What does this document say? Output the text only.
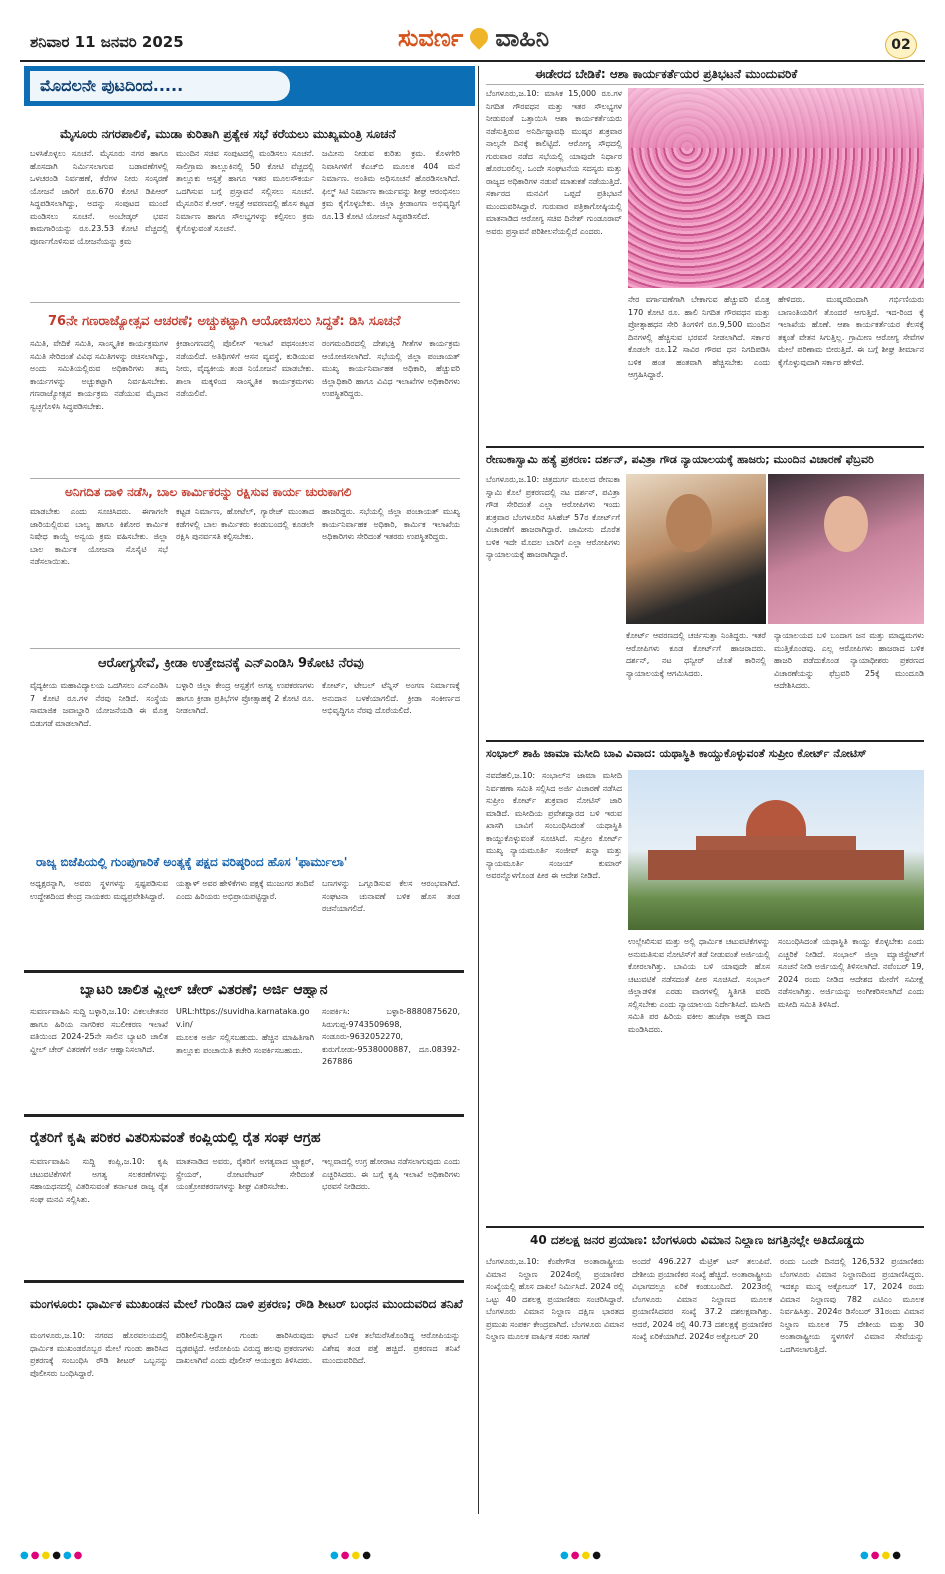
ಶನಿವಾರ 11 ಜನವರಿ 2025	ಸುವರ್ಣ ವಾಹಿನಿ	02
ಮೊದಲನೇ ಪುಟದಿಂದ.....
ಮೈಸೂರು ನಗರಪಾಲಿಕೆ, ಮುಡಾ ಕುರಿತಾಗಿ ಪ್ರತ್ಯೇಕ ಸಭೆ ಕರೆಯಲು ಮುಖ್ಯಮಂತ್ರಿ ಸೂಚನೆ
ಬಳಸಿಕೊಳ್ಳಲು ಸೂಚನೆ. ಮೈಸೂರು ನಗರ ಹಾಗೂ ಹೊಸದಾಗಿ ನಿರ್ಮಿಸಲಾಗುವ ಬಡಾವಣೆಗಳಲ್ಲಿ ಒಳಚರಂಡಿ ನಿರ್ವಹಣೆ, ಕೆರೆಗಳ ನೀರು ಸಂಸ್ಕರಣೆ ಯೋಜನೆ ಜಾರಿಗೆ ರೂ.670 ಕೋಟಿ ಡಿಪಿಆರ್ ಸಿದ್ಧಪಡಿಸಲಾಗಿದ್ದು, ಅದನ್ನು ಸಂಪುಟದ ಮುಂದೆ ಮಂಡಿಸಲು ಸೂಚನೆ. ಅಂಬೇಡ್ಕರ್ ಭವನ ಕಾಮಗಾರಿಯನ್ನು ರೂ.23.53 ಕೋಟಿ ವೆಚ್ಚದಲ್ಲಿ ಪೂರ್ಣಗೊಳಿಸುವ ಯೋಜನೆಯನ್ನು ಕ್ರಮ
ಮುಂದಿನ ಸಚಿವ ಸಂಪುಟದಲ್ಲಿ ಮಂಡಿಸಲು ಸೂಚನೆ. ಸಾಲಿಗ್ರಾಮ ತಾಲ್ಲೂಕಿನಲ್ಲಿ 50 ಕೋಟಿ ವೆಚ್ಚದಲ್ಲಿ ತಾಲ್ಲೂಕು ಆಸ್ಪತ್ರೆ ಹಾಗೂ ಇತರ ಮೂಲಸೌಕರ್ಯ ಒದಗಿಸುವ ಬಗ್ಗೆ ಪ್ರಸ್ತಾವನೆ ಸಲ್ಲಿಸಲು ಸೂಚನೆ. ಮೈಸೂರಿನ ಕೆ.ಆರ್. ಆಸ್ಪತ್ರೆ ಆವರಣದಲ್ಲಿ ಹೊಸ ಕಟ್ಟಡ ನಿರ್ಮಾಣ ಹಾಗೂ ಸೌಲಭ್ಯಗಳನ್ನು ಕಲ್ಪಿಸಲು ಕ್ರಮ ಕೈಗೊಳ್ಳುವಂತೆ ಸೂಚನೆ.
ಜಮೀನು ನೀಡುವ ಕುರಿತು ಕ್ರಮ. ಕೊಳಗೇರಿ ನಿವಾಸಿಗಳಿಗೆ ಕೆಎಚ್‌ಬಿ ಮೂಲಕ 404 ಮನೆ ನಿರ್ಮಾಣ. ಅಂತಿಮ ಅಧಿಸೂಚನೆ ಹೊರಡಿಸಲಾಗಿದೆ. ಫಿಲ್ಮ್ ಸಿಟಿ ನಿರ್ಮಾಣ ಕಾರ್ಯವನ್ನು ಶೀಘ್ರ ಆರಂಭಿಸಲು ಕ್ರಮ ಕೈಗೊಳ್ಳಬೇಕು. ಜಿಲ್ಲಾ ಕ್ರೀಡಾಂಗಣ ಅಭಿವೃದ್ಧಿಗೆ ರೂ.13 ಕೋಟಿ ಯೋಜನೆ ಸಿದ್ಧಪಡಿಸಲಿದೆ.
76ನೇ ಗಣರಾಜ್ಯೋತ್ಸವ ಆಚರಣೆ; ಅಚ್ಚುಕಟ್ಟಾಗಿ ಆಯೋಜಿಸಲು ಸಿದ್ಧತೆ: ಡಿಸಿ ಸೂಚನೆ
ಸಮಿತಿ, ವೇದಿಕೆ ಸಮಿತಿ, ಸಾಂಸ್ಕೃತಿಕ ಕಾರ್ಯಕ್ರಮಗಳ ಸಮಿತಿ ಸೇರಿದಂತೆ ವಿವಿಧ ಸಮಿತಿಗಳನ್ನು ರಚಿಸಲಾಗಿದ್ದು, ಅಂದು ಸಮಿತಿಯಲ್ಲಿರುವ ಅಧಿಕಾರಿಗಳು ತಮ್ಮ ಕಾರ್ಯಗಳನ್ನು ಅಚ್ಚುಕಟ್ಟಾಗಿ ನಿರ್ವಹಿಸಬೇಕು. ಗಣರಾಜ್ಯೋತ್ಸವ ಕಾರ್ಯಕ್ರಮ ನಡೆಯುವ ಮೈದಾನ ಸ್ವಚ್ಛಗೊಳಿಸಿ ಸಿದ್ಧಪಡಿಸಬೇಕು.
ಕ್ರೀಡಾಂಗಣದಲ್ಲಿ ಪೊಲೀಸ್ ಇಲಾಖೆ ಪಥಸಂಚಲನ ನಡೆಯಲಿದೆ. ಅತಿಥಿಗಳಿಗೆ ಆಸನ ವ್ಯವಸ್ಥೆ, ಕುಡಿಯುವ ನೀರು, ವೈದ್ಯಕೀಯ ತಂಡ ನಿಯೋಜನೆ ಮಾಡಬೇಕು. ಶಾಲಾ ಮಕ್ಕಳಿಂದ ಸಾಂಸ್ಕೃತಿಕ ಕಾರ್ಯಕ್ರಮಗಳು ನಡೆಯಲಿವೆ.
ರಂಗಮಂದಿರದಲ್ಲಿ ದೇಶಭಕ್ತಿ ಗೀತೆಗಳ ಕಾರ್ಯಕ್ರಮ ಆಯೋಜಿಸಲಾಗಿದೆ. ಸಭೆಯಲ್ಲಿ ಜಿಲ್ಲಾ ಪಂಚಾಯತ್ ಮುಖ್ಯ ಕಾರ್ಯನಿರ್ವಾಹಕ ಅಧಿಕಾರಿ, ಹೆಚ್ಚುವರಿ ಜಿಲ್ಲಾಧಿಕಾರಿ ಹಾಗೂ ವಿವಿಧ ಇಲಾಖೆಗಳ ಅಧಿಕಾರಿಗಳು ಉಪಸ್ಥಿತರಿದ್ದರು.
ಅನಿಗದಿತ ದಾಳಿ ನಡೆಸಿ, ಬಾಲ ಕಾರ್ಮಿಕರನ್ನು ರಕ್ಷಿಸುವ ಕಾರ್ಯ ಚುರುಕಾಗಲಿ
ಮಾಡಬೇಕು ಎಂದು ಸೂಚಿಸಿದರು. ಈಗಾಗಲೇ ಜಾರಿಯಲ್ಲಿರುವ ಬಾಲ್ಯ ಹಾಗೂ ಕಿಶೋರ ಕಾರ್ಮಿಕ ನಿಷೇಧ ಕಾಯ್ದೆ ಅನ್ವಯ ಕ್ರಮ ವಹಿಸಬೇಕು. ಜಿಲ್ಲಾ ಬಾಲ ಕಾರ್ಮಿಕ ಯೋಜನಾ ಸೊಸೈಟಿ ಸಭೆ ನಡೆಸಲಾಯಿತು.
ಕಟ್ಟಡ ನಿರ್ಮಾಣ, ಹೋಟೆಲ್, ಗ್ಯಾರೇಜ್ ಮುಂತಾದ ಕಡೆಗಳಲ್ಲಿ ಬಾಲ ಕಾರ್ಮಿಕರು ಕಂಡುಬಂದಲ್ಲಿ ಕೂಡಲೇ ರಕ್ಷಿಸಿ ಪುನರ್ವಸತಿ ಕಲ್ಪಿಸಬೇಕು.
ಹಾಜರಿದ್ದರು. ಸಭೆಯಲ್ಲಿ ಜಿಲ್ಲಾ ಪಂಚಾಯತ್ ಮುಖ್ಯ ಕಾರ್ಯನಿರ್ವಾಹಕ ಅಧಿಕಾರಿ, ಕಾರ್ಮಿಕ ಇಲಾಖೆಯ ಅಧಿಕಾರಿಗಳು ಸೇರಿದಂತೆ ಇತರರು ಉಪಸ್ಥಿತರಿದ್ದರು.
ಆರೋಗ್ಯಸೇವೆ, ಕ್ರೀಡಾ ಉತ್ತೇಜನಕ್ಕೆ ಎನ್‌ಎಂಡಿಸಿ 9ಕೋಟಿ ನೆರವು
ವೈದ್ಯಕೀಯ ಮಹಾವಿದ್ಯಾಲಯ ಒದಗಿಸಲು ಎನ್‌ಎಂಡಿಸಿ 7 ಕೋಟಿ ರೂ.ಗಳ ನೆರವು ನೀಡಿದೆ. ಸಂಸ್ಥೆಯ ಸಾಮಾಜಿಕ ಜವಾಬ್ದಾರಿ ಯೋಜನೆಯಡಿ ಈ ಮೊತ್ತ ಬಿಡುಗಡೆ ಮಾಡಲಾಗಿದೆ.
ಬಳ್ಳಾರಿ ಜಿಲ್ಲಾ ಕೇಂದ್ರ ಆಸ್ಪತ್ರೆಗೆ ಅಗತ್ಯ ಉಪಕರಣಗಳು ಹಾಗೂ ಕ್ರೀಡಾ ಪ್ರತಿಭೆಗಳ ಪ್ರೋತ್ಸಾಹಕ್ಕೆ 2 ಕೋಟಿ ರೂ. ನೀಡಲಾಗಿದೆ.
ಕೋರ್ಟ್, ಟೇಬಲ್ ಟೆನ್ನಿಸ್ ಅಂಗಣ ನಿರ್ಮಾಣಕ್ಕೆ ಅನುದಾನ ಬಳಕೆಯಾಗಲಿದೆ. ಕ್ರೀಡಾ ಸಂಕೀರ್ಣದ ಅಭಿವೃದ್ಧಿಗೂ ನೆರವು ದೊರೆಯಲಿದೆ.
ರಾಜ್ಯ ಬಿಜೆಪಿಯಲ್ಲಿ ಗುಂಪುಗಾರಿಕೆ ಅಂತ್ಯಕ್ಕೆ ಪಕ್ಷದ ವರಿಷ್ಠರಿಂದ ಹೊಸ 'ಫಾರ್ಮುಲಾ'
ಅಧ್ಯಕ್ಷರನ್ನಾಗಿ, ಅವರು ಸ್ಥಳಗಳನ್ನು ಸ್ಪಷ್ಟಪಡಿಸುವ ಉದ್ದೇಶದಿಂದ ಕೇಂದ್ರ ನಾಯಕರು ಮಧ್ಯಪ್ರವೇಶಿಸಿದ್ದಾರೆ.
ಯತ್ನಾಳ್ ಅವರ ಹೇಳಿಕೆಗಳು ಪಕ್ಷಕ್ಕೆ ಮುಜುಗರ ತಂದಿವೆ ಎಂದು ಹಿರಿಯರು ಅಭಿಪ್ರಾಯಪಟ್ಟಿದ್ದಾರೆ.
ಬಣಗಳನ್ನು ಒಗ್ಗೂಡಿಸುವ ಕೆಲಸ ಆರಂಭವಾಗಿದೆ. ಸಂಘಟನಾ ಚುನಾವಣೆ ಬಳಿಕ ಹೊಸ ತಂಡ ರಚನೆಯಾಗಲಿದೆ.
ಬ್ಯಾಟರಿ ಚಾಲಿತ ವ್ಹೀಲ್ ಚೇರ್ ವಿತರಣೆ; ಅರ್ಜಿ ಆಹ್ವಾನ
ಸುವರ್ಣವಾಹಿನಿ ಸುದ್ದಿ ಬಳ್ಳಾರಿ,ಜ.10: ವಿಕಲಚೇತನರ ಹಾಗೂ ಹಿರಿಯ ನಾಗರಿಕರ ಸಬಲೀಕರಣ ಇಲಾಖೆ ವತಿಯಿಂದ 2024-25ನೇ ಸಾಲಿನ ಬ್ಯಾಟರಿ ಚಾಲಿತ ವ್ಹೀಲ್ ಚೇರ್ ವಿತರಣೆಗೆ ಅರ್ಜಿ ಆಹ್ವಾನಿಸಲಾಗಿದೆ.
URL:https://suvidha.karnataka.gov.in/
ಮೂಲಕ ಅರ್ಜಿ ಸಲ್ಲಿಸಬಹುದು. ಹೆಚ್ಚಿನ ಮಾಹಿತಿಗಾಗಿ ತಾಲ್ಲೂಕು ಪಂಚಾಯಿತಿ ಕಚೇರಿ ಸಂಪರ್ಕಿಸಬಹುದು.
ಸಂಪರ್ಕಿಸಿ: ಬಳ್ಳಾರಿ-8880875620, ಸಿರುಗುಪ್ಪ-9743509698, ಸಂಡೂರು-9632052270, ಕುರುಗೋಡು-9538000887, ದೂ.08392-267886
ರೈತರಿಗೆ ಕೃಷಿ ಪರಿಕರ ವಿತರಿಸುವಂತೆ ಕಂಪ್ಲಿಯಲ್ಲಿ ರೈತ ಸಂಘ ಆಗ್ರಹ
ಸುವರ್ಣವಾಹಿನಿ ಸುದ್ದಿ ಕಂಪ್ಲಿ,ಜ.10: ಕೃಷಿ ಚಟುವಟಿಕೆಗಳಿಗೆ ಅಗತ್ಯ ಸಲಕರಣೆಗಳನ್ನು ಸಹಾಯಧನದಲ್ಲಿ ವಿತರಿಸುವಂತೆ ಕರ್ನಾಟಕ ರಾಜ್ಯ ರೈತ ಸಂಘ ಮನವಿ ಸಲ್ಲಿಸಿತು.
ಮಾತನಾಡಿದ ಅವರು, ರೈತರಿಗೆ ಅಗತ್ಯವಾದ ಟ್ರ್ಯಾಕ್ಟರ್, ಸ್ಪ್ರೇಯರ್, ರೋಟವೇಟರ್ ಸೇರಿದಂತೆ ಯಂತ್ರೋಪಕರಣಗಳನ್ನು ಶೀಘ್ರ ವಿತರಿಸಬೇಕು.
ಇಲ್ಲವಾದಲ್ಲಿ ಉಗ್ರ ಹೋರಾಟ ನಡೆಸಲಾಗುವುದು ಎಂದು ಎಚ್ಚರಿಸಿದರು. ಈ ಬಗ್ಗೆ ಕೃಷಿ ಇಲಾಖೆ ಅಧಿಕಾರಿಗಳು ಭರವಸೆ ನೀಡಿದರು.
ಮಂಗಳೂರು: ಧಾರ್ಮಿಕ ಮುಖಂಡನ ಮೇಲೆ ಗುಂಡಿನ ದಾಳಿ ಪ್ರಕರಣ; ರೌಡಿ ಶೀಟರ್ ಬಂಧನ ಮುಂದುವರಿದ ತನಿಖೆ
ಮಂಗಳೂರು,ಜ.10: ನಗರದ ಹೊರವಲಯದಲ್ಲಿ ಧಾರ್ಮಿಕ ಮುಖಂಡರೊಬ್ಬರ ಮೇಲೆ ಗುಂಡು ಹಾರಿಸಿದ ಪ್ರಕರಣಕ್ಕೆ ಸಂಬಂಧಿಸಿ ರೌಡಿ ಶೀಟರ್ ಒಬ್ಬನನ್ನು ಪೊಲೀಸರು ಬಂಧಿಸಿದ್ದಾರೆ.
ಪರಿಶೀಲಿಸುತ್ತಿದ್ದಾಗ ಗುಂಡು ಹಾರಿಸಿರುವುದು ದೃಢಪಟ್ಟಿದೆ. ಆರೋಪಿಯ ವಿರುದ್ಧ ಹಲವು ಪ್ರಕರಣಗಳು ದಾಖಲಾಗಿವೆ ಎಂದು ಪೊಲೀಸ್ ಆಯುಕ್ತರು ತಿಳಿಸಿದರು.
ಘಟನೆ ಬಳಿಕ ತಲೆಮರೆಸಿಕೊಂಡಿದ್ದ ಆರೋಪಿಯನ್ನು ವಿಶೇಷ ತಂಡ ಪತ್ತೆ ಹಚ್ಚಿದೆ. ಪ್ರಕರಣದ ತನಿಖೆ ಮುಂದುವರಿದಿದೆ.
ಈಡೇರದ ಬೇಡಿಕೆ: ಆಶಾ ಕಾರ್ಯಕರ್ತೆಯರ ಪ್ರತಿಭಟನೆ ಮುಂದುವರಿಕೆ
ಬೆಂಗಳೂರು,ಜ.10: ಮಾಸಿಕ 15,000 ರೂ.ಗಳ ನಿಗದಿತ ಗೌರವಧನ ಮತ್ತು ಇತರ ಸೌಲಭ್ಯಗಳ ನೀಡುವಂತೆ ಒತ್ತಾಯಿಸಿ ಆಶಾ ಕಾರ್ಯಕರ್ತೆಯರು ನಡೆಸುತ್ತಿರುವ ಅನಿರ್ದಿಷ್ಟಾವಧಿ ಮುಷ್ಕರ ಶುಕ್ರವಾರ ನಾಲ್ಕನೇ ದಿನಕ್ಕೆ ಕಾಲಿಟ್ಟಿದೆ. ಆರೋಗ್ಯ ಸೌಧದಲ್ಲಿ ಗುರುವಾರ ನಡೆದ ಸಭೆಯಲ್ಲಿ ಯಾವುದೇ ನಿರ್ಧಾರ ಹೊರಬರಲಿಲ್ಲ. ಒಂದೇ ಸಂಘಟನೆಯ ಸದಸ್ಯರು ಮತ್ತು ರಾಜ್ಯದ ಅಧಿಕಾರಿಗಳ ನಡುವೆ ಮಾತುಕತೆ ನಡೆಯುತ್ತಿದೆ. ಸರ್ಕಾರದ ಮನವಿಗೆ ಒಪ್ಪದೆ ಪ್ರತಿಭಟನೆ ಮುಂದುವರಿಸಿದ್ದಾರೆ. ಗುರುವಾರ ಪತ್ರಿಕಾಗೋಷ್ಠಿಯಲ್ಲಿ ಮಾತನಾಡಿದ ಆರೋಗ್ಯ ಸಚಿವ ದಿನೇಶ್ ಗುಂಡೂರಾವ್ ಅವರು ಪ್ರಸ್ತಾವನೆ ಪರಿಶೀಲನೆಯಲ್ಲಿದೆ ಎಂದರು.
ನೇರ ವರ್ಗಾವಣೆಗಾಗಿ ಬೇಕಾಗುವ ಹೆಚ್ಚುವರಿ ಮೊತ್ತ 170 ಕೋಟಿ ರೂ. ಹಾಲಿ ನಿಗದಿತ ಗೌರವಧನ ಮತ್ತು ಪ್ರೋತ್ಸಾಹಧನ ಸೇರಿ ತಿಂಗಳಿಗೆ ರೂ.9,500 ಮುಂದಿನ ದಿನಗಳಲ್ಲಿ ಹೆಚ್ಚಿಸುವ ಭರವಸೆ ನೀಡಲಾಗಿದೆ. ಸರ್ಕಾರ ಕೊಡಲೇ ರೂ.12 ಸಾವಿರ ಗೌರವ ಧನ ನಿಗದಿಪಡಿಸಿ ಬಳಿಕ ಹಂತ ಹಂತವಾಗಿ ಹೆಚ್ಚಿಸಬೇಕು ಎಂದು ಆಗ್ರಹಿಸಿದ್ದಾರೆ.
ಹೇಳಿದರು. ಮುಷ್ಕರದಿಂದಾಗಿ ಗರ್ಭಿಣಿಯರು ಬಾಣಂತಿಯರಿಗೆ ತೊಂದರೆ ಆಗುತ್ತಿದೆ. ಇದ-ರಿಂದ ಕ್ಕೆ ಇಲಾಖೆಯ ಹೊಣೆ. ಆಶಾ ಕಾರ್ಯಕರ್ತೆಯರ ಕೆಲಸಕ್ಕೆ ತಕ್ಕಂತೆ ವೇತನ ಸಿಗುತ್ತಿಲ್ಲ. ಗ್ರಾಮೀಣ ಆರೋಗ್ಯ ಸೇವೆಗಳ ಮೇಲೆ ಪರಿಣಾಮ ಬೀರುತ್ತಿದೆ. ಈ ಬಗ್ಗೆ ಶೀಘ್ರ ತೀರ್ಮಾನ ಕೈಗೊಳ್ಳುವುದಾಗಿ ಸರ್ಕಾರ ಹೇಳಿದೆ.
ರೇಣುಕಾಸ್ವಾಮಿ ಹತ್ಯೆ ಪ್ರಕರಣ: ದರ್ಶನ್, ಪವಿತ್ರಾ ಗೌಡ ನ್ಯಾಯಾಲಯಕ್ಕೆ ಹಾಜರು; ಮುಂದಿನ ವಿಚಾರಣೆ ಫೆಬ್ರವರಿ
ಬೆಂಗಳೂರು,ಜ.10: ಚಿತ್ರದುರ್ಗ ಮೂಲದ ರೇಣುಕಾ ಸ್ವಾಮಿ ಕೊಲೆ ಪ್ರಕರಣದಲ್ಲಿ ನಟ ದರ್ಶನ್, ಪವಿತ್ರಾ ಗೌಡ ಸೇರಿದಂತೆ ಎಲ್ಲಾ ಆರೋಪಿಗಳು ಇಂದು ಶುಕ್ರವಾರ ಬೆಂಗಳೂರಿನ ಸಿಸಿಹೆಚ್ 57ರ ಕೋರ್ಟ್‌ಗೆ ವಿಚಾರಣೆಗೆ ಹಾಜರಾಗಿದ್ದಾರೆ. ಜಾಮೀನು ದೊರೆತ ಬಳಿಕ ಇದೇ ಮೊದಲ ಬಾರಿಗೆ ಎಲ್ಲಾ ಆರೋಪಿಗಳು ನ್ಯಾಯಾಲಯಕ್ಕೆ ಹಾಜರಾಗಿದ್ದಾರೆ.
ಕೋರ್ಟ್ ಆವರಣದಲ್ಲಿ ಚರ್ಚಿಸುತ್ತಾ ನಿಂತಿದ್ದರು. ಇತರೆ ಆರೋಪಿಗಳು ಕೂಡ ಕೋರ್ಟ್‌ಗೆ ಹಾಜರಾದರು. ದರ್ಶನ್, ನಟ ಧನ್ವೀರ್ ಜೊತೆ ಕಾರಿನಲ್ಲಿ ನ್ಯಾಯಾಲಯಕ್ಕೆ ಆಗಮಿಸಿದರು.
ನ್ಯಾಯಾಲಯದ ಬಳಿ ಬಂದಾಗ ಜನ ಮತ್ತು ಮಾಧ್ಯಮಗಳು ಮುತ್ತಿಕೊಂಡವು. ಎಲ್ಲ ಆರೋಪಿಗಳು ಹಾಜರಾದ ಬಳಿಕ ಹಾಜರಿ ಪಡೆದುಕೊಂಡ ನ್ಯಾಯಾಧೀಶರು ಪ್ರಕರಣದ ವಿಚಾರಣೆಯನ್ನು ಫೆಬ್ರವರಿ 25ಕ್ಕೆ ಮುಂದೂಡಿ ಆದೇಶಿಸಿದರು.
ಸಂಭಾಲ್ ಶಾಹಿ ಜಾಮಾ ಮಸೀದಿ ಬಾವಿ ವಿವಾದ: ಯಥಾಸ್ಥಿತಿ ಕಾಯ್ದುಕೊಳ್ಳುವಂತೆ ಸುಪ್ರೀಂ ಕೋರ್ಟ್ ನೋಟಿಸ್
ನವದೆಹಲಿ,ಜ.10: ಸಂಭಾಲ್‌ನ ಜಾಮಾ ಮಸೀದಿ ನಿರ್ವಹಣಾ ಸಮಿತಿ ಸಲ್ಲಿಸಿದ ಅರ್ಜಿ ವಿಚಾರಣೆ ನಡೆಸಿದ ಸುಪ್ರೀಂ ಕೋರ್ಟ್ ಶುಕ್ರವಾರ ನೋಟಿಸ್ ಜಾರಿ ಮಾಡಿದೆ. ಮಸೀದಿಯ ಪ್ರವೇಶದ್ವಾರದ ಬಳಿ ಇರುವ ಖಾಸಗಿ ಬಾವಿಗೆ ಸಂಬಂಧಿಸಿದಂತೆ ಯಥಾಸ್ಥಿತಿ ಕಾಯ್ದುಕೊಳ್ಳುವಂತೆ ಸೂಚಿಸಿದೆ. ಸುಪ್ರೀಂ ಕೋರ್ಟ್ ಮುಖ್ಯ ನ್ಯಾಯಮೂರ್ತಿ ಸಂಜೀವ್ ಖನ್ನಾ ಮತ್ತು ನ್ಯಾಯಮೂರ್ತಿ ಸಂಜಯ್ ಕುಮಾರ್ ಅವರನ್ನೊಳಗೊಂಡ ಪೀಠ ಈ ಆದೇಶ ನೀಡಿದೆ.
ಉಲ್ಲೇಖಿಸುವ ಮತ್ತು ಅಲ್ಲಿ ಧಾರ್ಮಿಕ ಚಟುವಟಿಕೆಗಳನ್ನು ಅನುಮತಿಸುವ ನೋಟಿಸ್‌ಗೆ ತಡೆ ನೀಡುವಂತೆ ಅರ್ಜಿಯಲ್ಲಿ ಕೋರಲಾಗಿತ್ತು. ಬಾವಿಯ ಬಳಿ ಯಾವುದೇ ಹೊಸ ಚಟುವಟಿಕೆ ನಡೆಸದಂತೆ ಪೀಠ ಸೂಚಿಸಿದೆ. ಸಂಭಾಲ್ ಜಿಲ್ಲಾಡಳಿತ ಎರಡು ವಾರಗಳಲ್ಲಿ ಸ್ಥಿತಿಗತಿ ವರದಿ ಸಲ್ಲಿಸಬೇಕು ಎಂದು ನ್ಯಾಯಾಲಯ ನಿರ್ದೇಶಿಸಿದೆ. ಮಸೀದಿ ಸಮಿತಿ ಪರ ಹಿರಿಯ ವಕೀಲ ಹುಜೆಫಾ ಅಹ್ಮದಿ ವಾದ ಮಂಡಿಸಿದರು.
ಸಂಬಂಧಿಸಿದಂತೆ ಯಥಾಸ್ಥಿತಿ ಕಾಯ್ದು ಕೊಳ್ಳಬೇಕು ಎಂದು ಎಚ್ಚರಿಕೆ ನೀಡಿದೆ. ಸಂಭಾಲ್ ಜಿಲ್ಲಾ ಮ್ಯಾಜಿಸ್ಟ್ರೇಟ್‌ಗೆ ಸೂಚನೆ ನೀಡಿ ಅರ್ಜಿಯಲ್ಲಿ ತಿಳಿಸಲಾಗಿದೆ. ನವೆಂಬರ್ 19, 2024 ರಂದು ನೀಡಿದ ಆದೇಶದ ಮೇರೆಗೆ ಸಮೀಕ್ಷೆ ನಡೆಸಲಾಗಿತ್ತು. ಅರ್ಜಿಯನ್ನು ಅಂಗೀಕರಿಸಲಾಗಿದೆ ಎಂದು ಮಸೀದಿ ಸಮಿತಿ ತಿಳಿಸಿದೆ.
40 ದಶಲಕ್ಷ ಜನರ ಪ್ರಯಾಣ: ಬೆಂಗಳೂರು ವಿಮಾನ ನಿಲ್ದಾಣ ಜಗತ್ತಿನಲ್ಲೇ ಅತಿದೊಡ್ಡದು
ಬೆಂಗಳೂರು,ಜ.10: ಕೆಂಪೇಗೌಡ ಅಂತಾರಾಷ್ಟ್ರೀಯ ವಿಮಾನ ನಿಲ್ದಾಣ 2024ರಲ್ಲಿ ಪ್ರಯಾಣಿಕರ ಸಂಖ್ಯೆಯಲ್ಲಿ ಹೊಸ ದಾಖಲೆ ನಿರ್ಮಿಸಿದೆ. 2024 ರಲ್ಲಿ ಒಟ್ಟು 40 ದಶಲಕ್ಷ ಪ್ರಯಾಣಿಕರು ಸಂಚರಿಸಿದ್ದಾರೆ. ಬೆಂಗಳೂರು ವಿಮಾನ ನಿಲ್ದಾಣ ದಕ್ಷಿಣ ಭಾರತದ ಪ್ರಮುಖ ಸಂಪರ್ಕ ಕೇಂದ್ರವಾಗಿದೆ. ಬೆಂಗಳೂರು ವಿಮಾನ ನಿಲ್ದಾಣ ಮೂಲಕ ವಾರ್ಷಿಕ ಸರಕು ಸಾಗಣೆ
ಅಂದರೆ 496.227 ಮೆಟ್ರಿಕ್ ಟನ್ ತಲುಪಿವೆ. ದೇಶೀಯ ಪ್ರಯಾಣಿಕರ ಸಂಖ್ಯೆ ಹೆಚ್ಚಿದೆ. ಅಂತಾರಾಷ್ಟ್ರೀಯ ವಿಭಾಗದಲ್ಲೂ ಏರಿಕೆ ಕಂಡುಬಂದಿದೆ. 2023ರಲ್ಲಿ ಬೆಂಗಳೂರು ವಿಮಾನ ನಿಲ್ದಾಣದ ಮೂಲಕ ಪ್ರಯಾಣಿಸಿದವರ ಸಂಖ್ಯೆ 37.2 ದಶಲಕ್ಷವಾಗಿತ್ತು. ಆದರೆ, 2024 ರಲ್ಲಿ 40.73 ದಶಲಕ್ಷಕ್ಕೆ ಪ್ರಯಾಣಿಕರ ಸಂಖ್ಯೆ ಏರಿಕೆಯಾಗಿದೆ. 2024ರ ಅಕ್ಟೋಬರ್ 20
ರಂದು ಒಂದೇ ದಿನದಲ್ಲಿ 126,532 ಪ್ರಯಾಣಿಕರು ಬೆಂಗಳೂರು ವಿಮಾನ ನಿಲ್ದಾಣದಿಂದ ಪ್ರಯಾಣಿಸಿದ್ದರು. ಇದಕ್ಕೂ ಮುನ್ನ ಅಕ್ಟೋಬರ್ 17, 2024 ರಂದು ವಿಮಾನ ನಿಲ್ದಾಣವು 782 ಎಟಿಎಂ ಮೂಲಕ ನಿರ್ವಹಿಸಿತ್ತು. 2024ರ ಡಿಸೆಂಬರ್ 31ರಂದು ವಿಮಾನ ನಿಲ್ದಾಣ ಮೂಲಕ 75 ದೇಶೀಯ ಮತ್ತು 30 ಅಂತಾರಾಷ್ಟ್ರೀಯ ಸ್ಥಳಗಳಿಗೆ ವಿಮಾನ ಸೇವೆಯನ್ನು ಒದಗಿಸಲಾಗುತ್ತಿದೆ.
●●●●●●	●●●●	●●●●	●●●●
